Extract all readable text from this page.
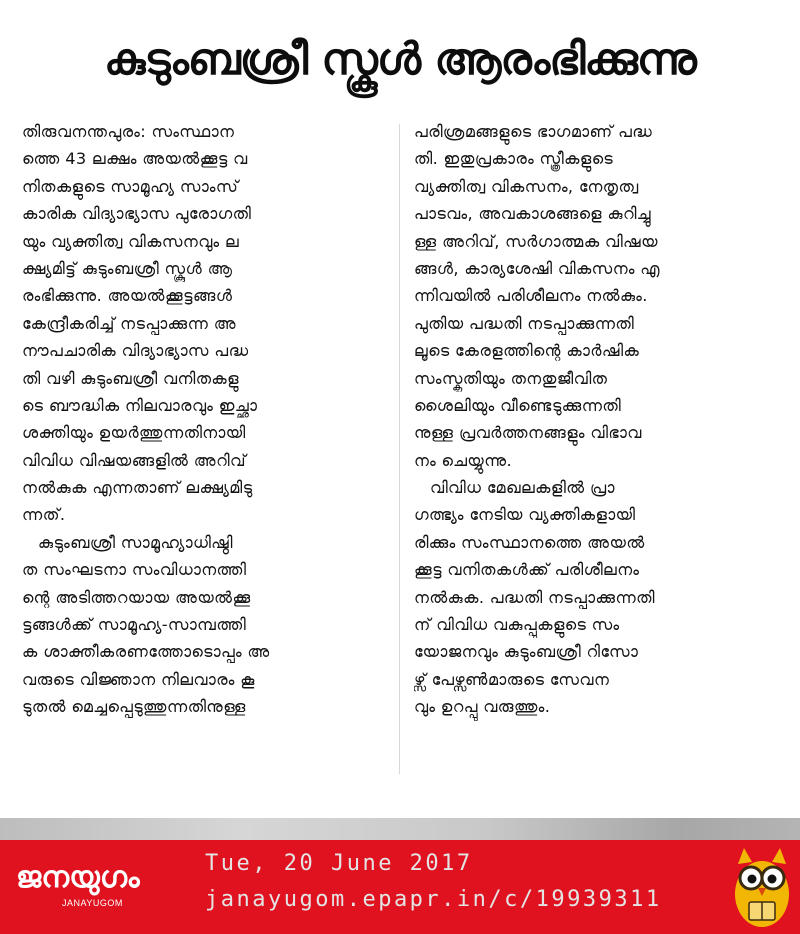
കുടുംബശ്രീ സ്കൂൾ ആരംഭിക്കുന്നു
തിരുവനന്തപുരം: സംസ്ഥാന
ത്തെ 43 ലക്ഷം അയൽക്കൂട്ട വ
നിതകളുടെ സാമൂഹ്യ സാംസ്
കാരിക വിദ്യാഭ്യാസ പുരോഗതി
യും വ്യക്തിത്വ വികസനവും ല
ക്ഷ്യമിട്ട് കുടുംബശ്രീ സ്കൂൾ ആ
രംഭിക്കുന്നു. അയൽക്കൂട്ടങ്ങൾ
കേന്ദ്രീകരിച്ച് നടപ്പാക്കുന്ന അ
നൗപചാരിക വിദ്യാഭ്യാസ പദ്ധ
തി വഴി കുടുംബശ്രീ വനിതകളു
ടെ ബൗദ്ധിക നിലവാരവും ഇച്ഛാ
ശക്തിയും ഉയർത്തുന്നതിനായി
വിവിധ വിഷയങ്ങളിൽ അറിവ്
നൽകുക എന്നതാണ് ലക്ഷ്യമിടു
ന്നത്.
കുടുംബശ്രീ സാമൂഹ്യാധിഷ്ഠി
ത സംഘടനാ സംവിധാനത്തി
ന്റെ അടിത്തറയായ അയൽക്കൂ
ട്ടങ്ങൾക്ക് സാമൂഹ്യ-സാമ്പത്തി
ക ശാക്തീകരണത്തോടൊപ്പം അ
വരുടെ വിജ്ഞാന നിലവാരം കൂ
ടുതൽ മെച്ചപ്പെടുത്തുന്നതിനുള്ള
പരിശ്രമങ്ങളുടെ ഭാഗമാണ് പദ്ധ
തി. ഇതുപ്രകാരം സ്ത്രീകളുടെ
വ്യക്തിത്വ വികസനം, നേതൃത്വ
പാടവം, അവകാശങ്ങളെ കുറിച്ചു
ള്ള അറിവ്, സർഗാത്മക വിഷയ
ങ്ങൾ, കാര്യശേഷി വികസനം എ
ന്നിവയിൽ പരിശീലനം നൽകും.
പുതിയ പദ്ധതി നടപ്പാക്കുന്നതി
ലൂടെ കേരളത്തിന്റെ കാർഷിക
സംസ്കൃതിയും തനതുജീവിത
ശൈലിയും വീണ്ടെടുക്കുന്നതി
നുള്ള പ്രവർത്തനങ്ങളും വിഭാവ
നം ചെയ്യുന്നു.
വിവിധ മേഖലകളിൽ പ്രാ
ഗത്ഭ്യം നേടിയ വ്യക്തികളായി
രിക്കും സംസ്ഥാനത്തെ അയൽ
ക്കൂട്ട വനിതകൾക്ക് പരിശീലനം
നൽകുക. പദ്ധതി നടപ്പാക്കുന്നതി
ന് വിവിധ വകുപ്പുകളുടെ സം
യോജനവും കുടുംബശ്രീ റിസോ
ഴ്സ് പേഴ്സൺമാരുടെ സേവന
വും ഉറപ്പു വരുത്തും.
ജനയുഗം
JANAYUGOM
Tue, 20 June 2017
janayugom.epapr.in/c/19939311
